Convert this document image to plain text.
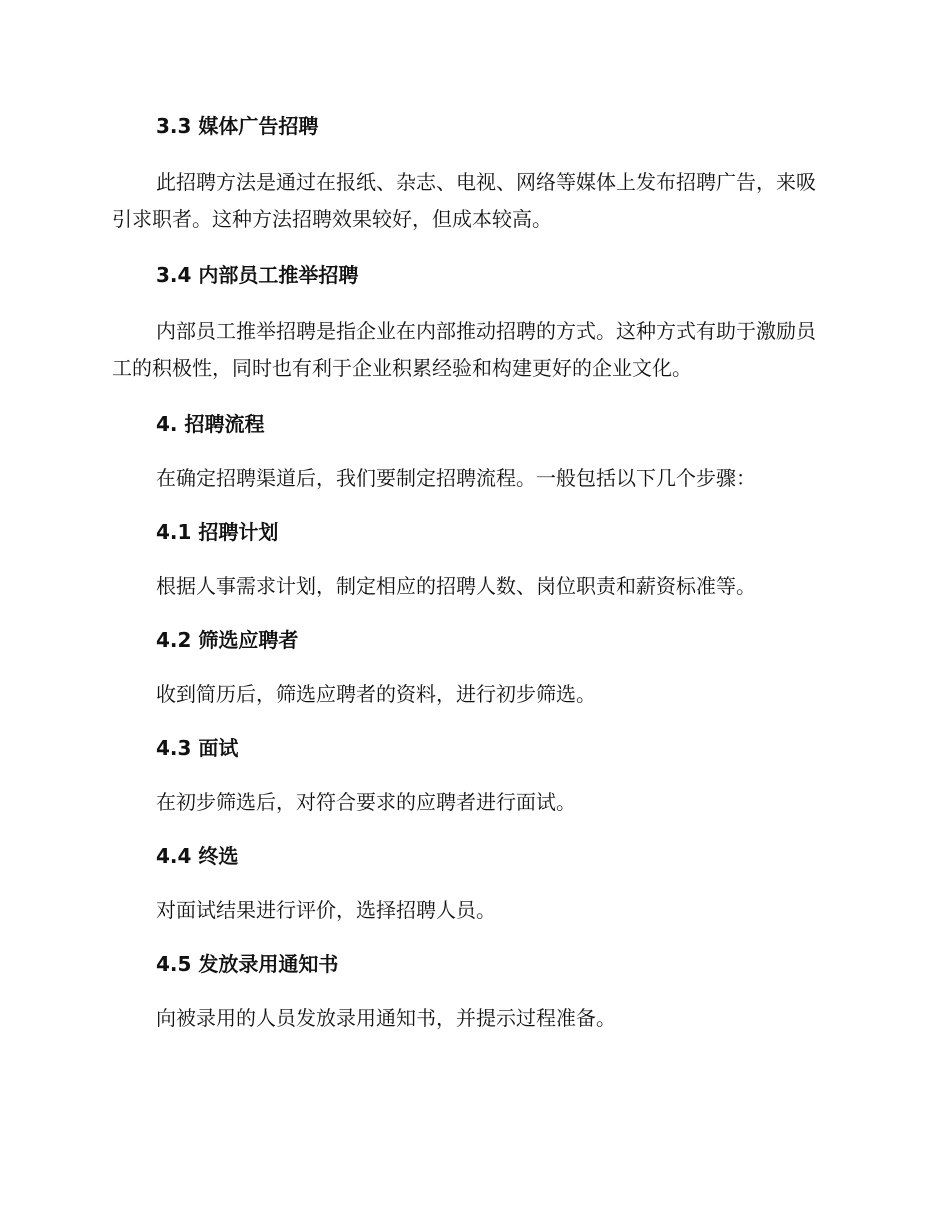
3.3 媒体广告招聘

此招聘方法是通过在报纸、杂志、电视、网络等媒体上发布招聘广告，来吸引求职者。这种方法招聘效果较好，但成本较高。

3.4 内部员工推举招聘

内部员工推举招聘是指企业在内部推动招聘的方式。这种方式有助于激励员工的积极性，同时也有利于企业积累经验和构建更好的企业文化。

4. 招聘流程

在确定招聘渠道后，我们要制定招聘流程。一般包括以下几个步骤：

4.1 招聘计划

根据人事需求计划，制定相应的招聘人数、岗位职责和薪资标准等。

4.2 筛选应聘者

收到简历后，筛选应聘者的资料，进行初步筛选。

4.3 面试

在初步筛选后，对符合要求的应聘者进行面试。

4.4 终选

对面试结果进行评价，选择招聘人员。

4.5 发放录用通知书

向被录用的人员发放录用通知书，并提示过程准备。
